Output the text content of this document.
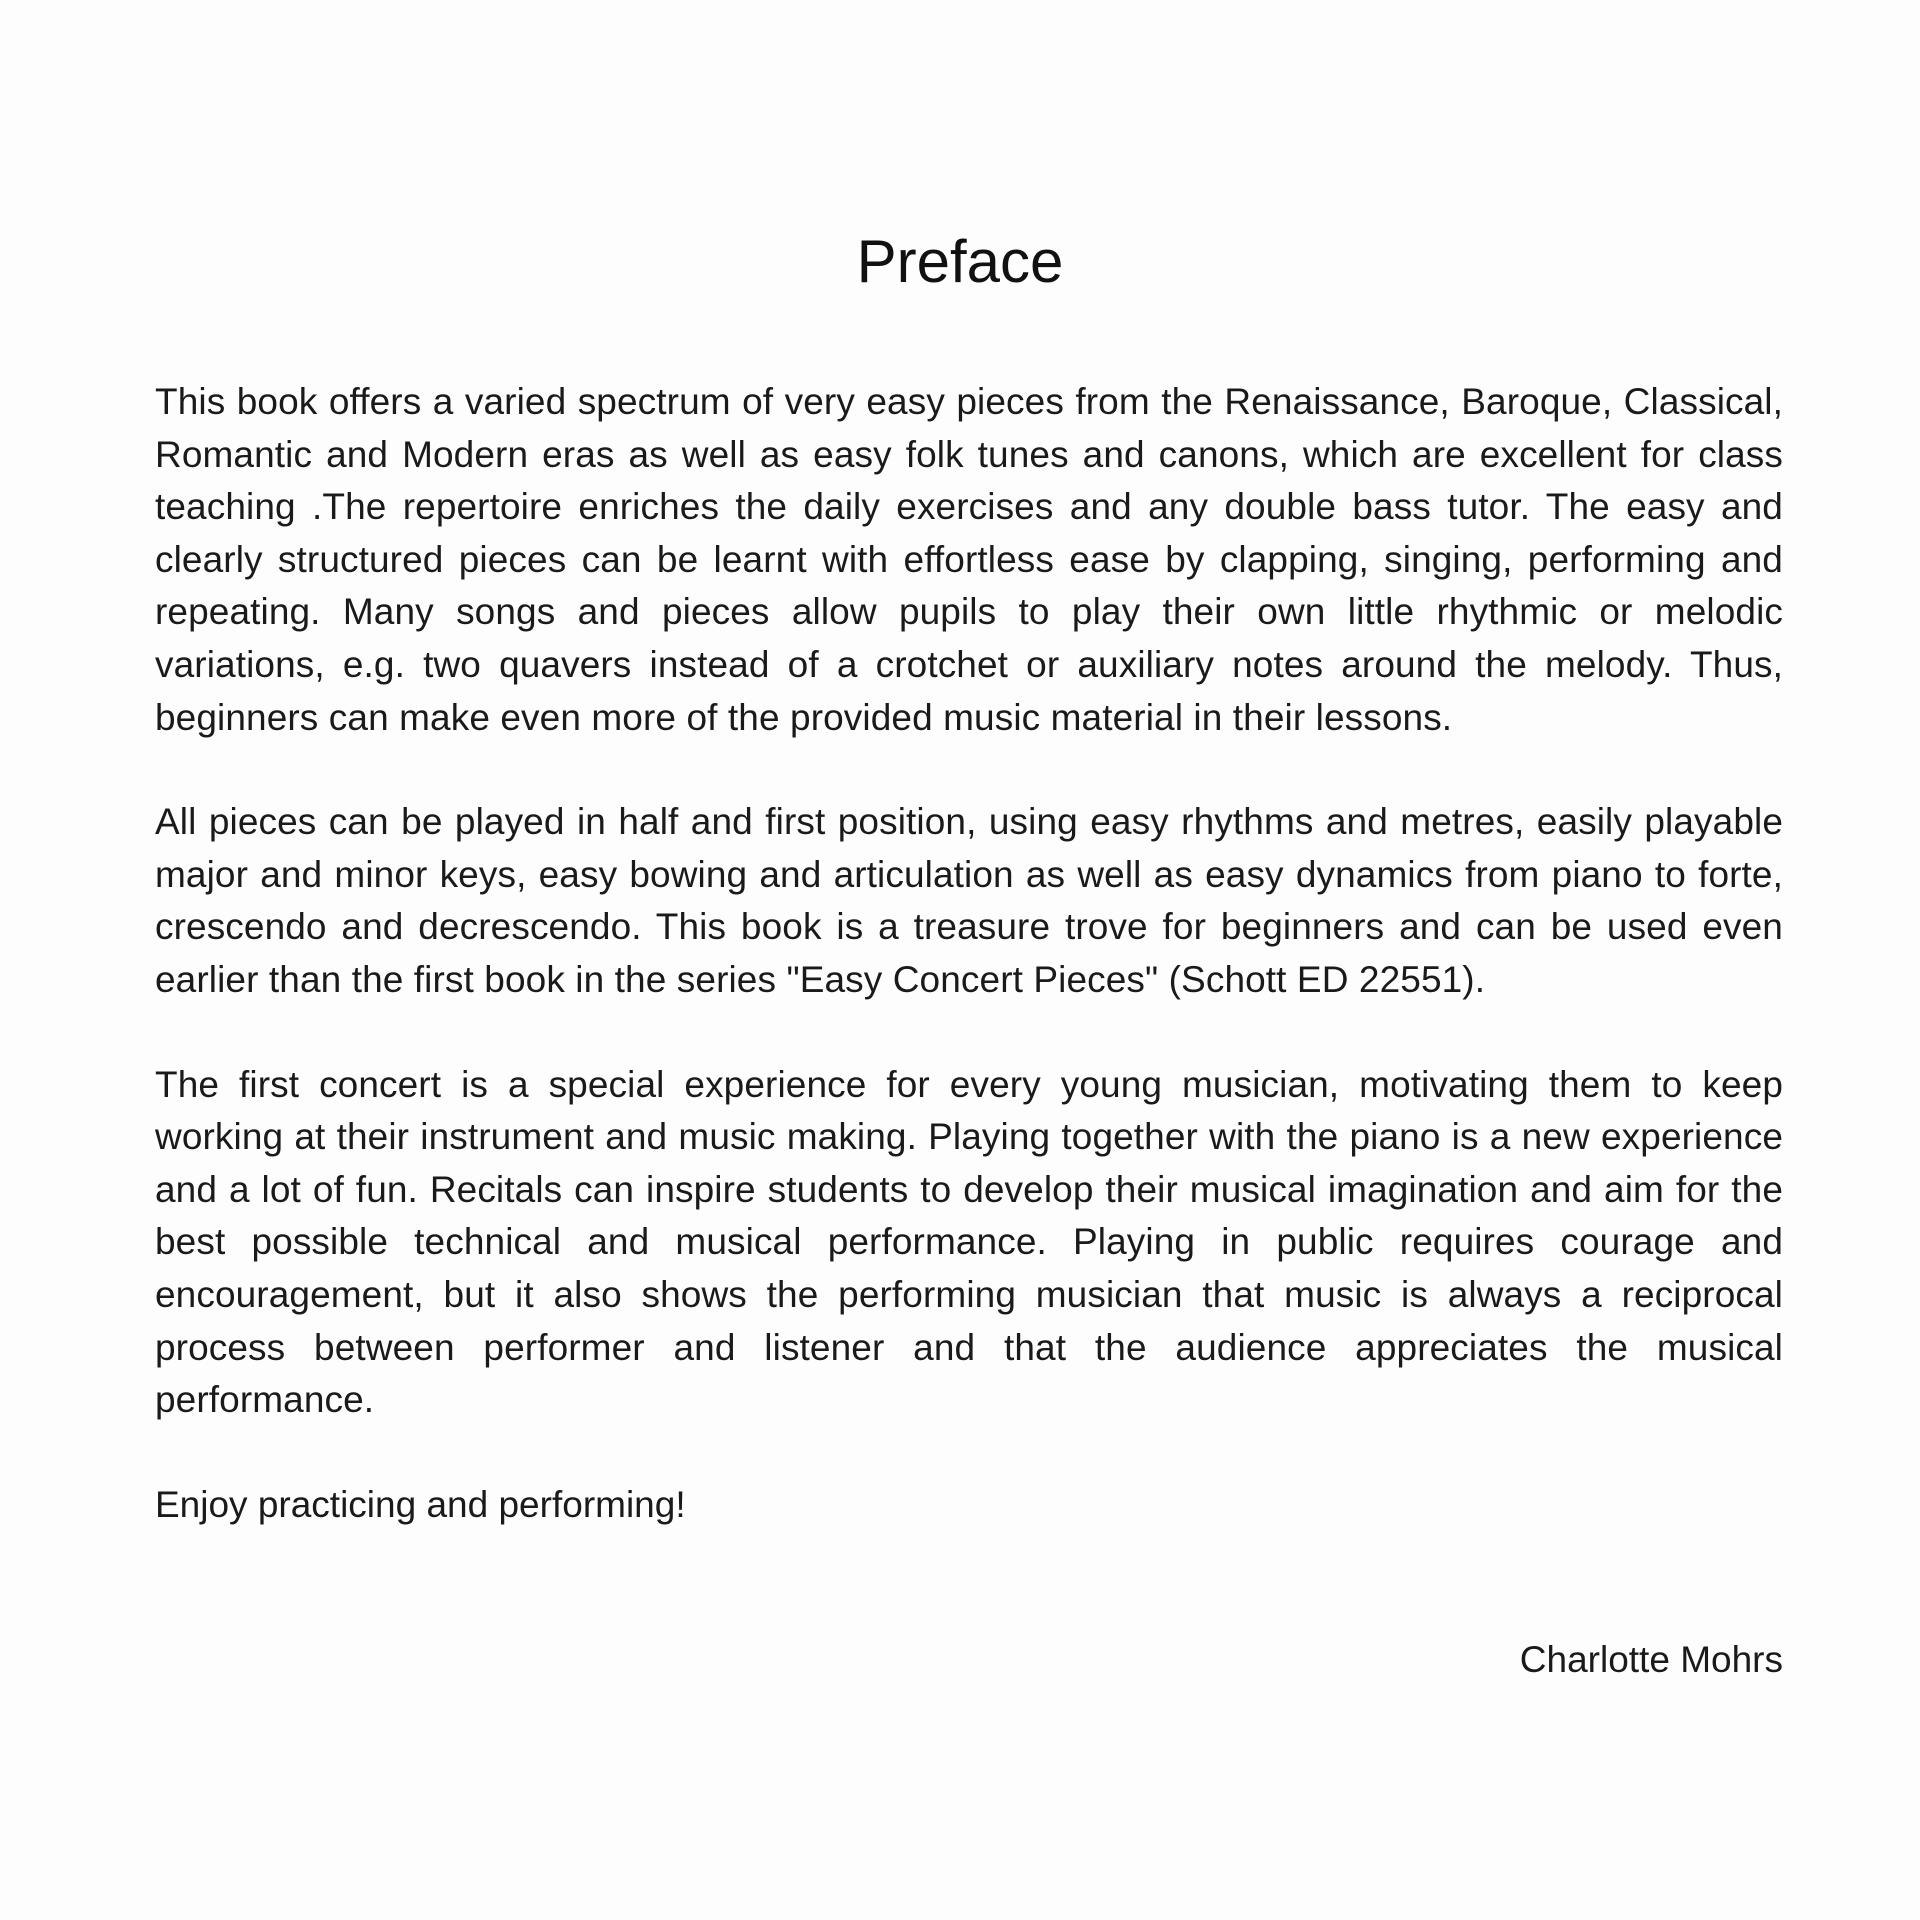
Preface

This book offers a varied spectrum of very easy pieces from the Renaissance, Baroque, Classical, Romantic and Modern eras as well as easy folk tunes and canons, which are excellent for class teaching .The repertoire enriches the daily exercises and any double bass tutor. The easy and clearly structured pieces can be learnt with effortless ease by clapping, singing, performing and repeating. Many songs and pieces allow pupils to play their own little rhythmic or melodic variations, e.g. two quavers instead of a crotchet or auxiliary notes around the melody. Thus, beginners can make even more of the provided music material in their lessons.

All pieces can be played in half and first position, using easy rhythms and metres, easily playable major and minor keys, easy bowing and articulation as well as easy dynamics from piano to forte, crescendo and decrescendo. This book is a treasure trove for beginners and can be used even earlier than the first book in the series "Easy Concert Pieces" (Schott ED 22551).

The first concert is a special experience for every young musician, motivating them to keep working at their instrument and music making. Playing together with the piano is a new experience and a lot of fun. Recitals can inspire students to develop their musical imagination and aim for the best possible technical and musical performance. Playing in public requires courage and encouragement, but it also shows the performing musician that music is always a reciprocal process between performer and listener and that the audience appreciates the musical performance.

Enjoy practicing and performing!

Charlotte Mohrs
